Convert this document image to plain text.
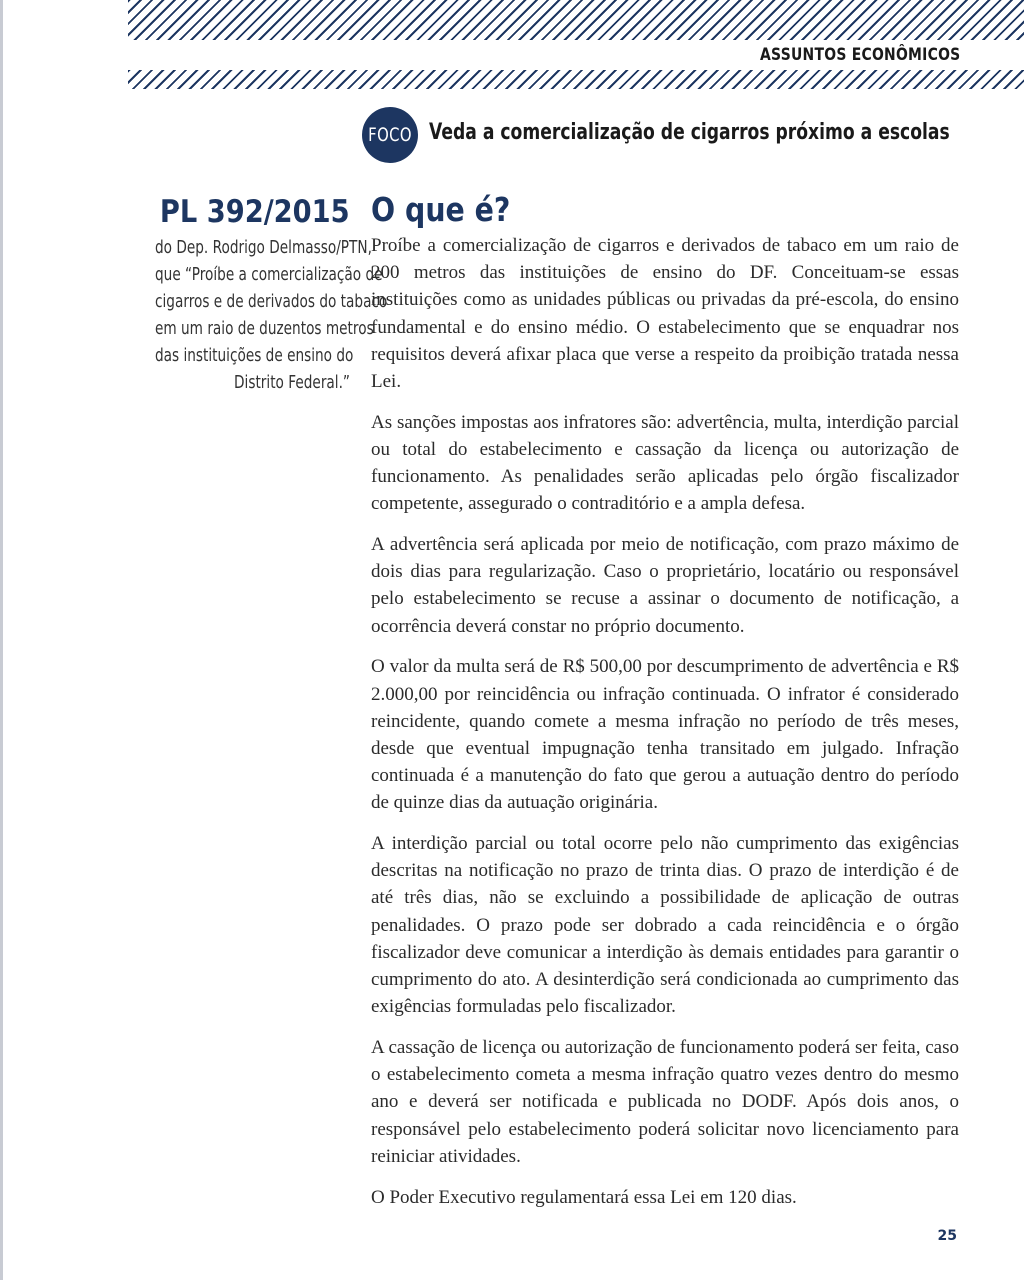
ASSUNTOS ECONÔMICOS
FOCO Veda a comercialização de cigarros próximo a escolas
PL 392/2015
do Dep. Rodrigo Delmasso/PTN,
que “Proíbe a comercialização de
cigarros e de derivados do tabaco
em um raio de duzentos metros
das instituições de ensino do
Distrito Federal.”
O que é?

Proíbe a comercialização de cigarros e derivados de tabaco em um raio de 200 metros das instituições de ensino do DF. Conceituam-se essas instituições como as unidades públicas ou privadas da pré-escola, do ensino fundamental e do ensino médio. O estabelecimento que se enquadrar nos requisitos deverá afixar placa que verse a respeito da proibição tratada nessa Lei.

As sanções impostas aos infratores são: advertência, multa, interdição parcial ou total do estabelecimento e cassação da licença ou autorização de funcionamento. As penalidades serão aplicadas pelo órgão fiscalizador competente, assegurado o contraditório e a ampla defesa.

A advertência será aplicada por meio de notificação, com prazo máximo de dois dias para regularização. Caso o proprietário, locatário ou responsável pelo estabelecimento se recuse a assinar o documento de notificação, a ocorrência deverá constar no próprio documento.

O valor da multa será de R$ 500,00 por descumprimento de advertência e R$ 2.000,00 por reincidência ou infração continuada. O infrator é considerado reincidente, quando comete a mesma infração no período de três meses, desde que eventual impugnação tenha transitado em julgado. Infração continuada é a manutenção do fato que gerou a autuação dentro do período de quinze dias da autuação originária.

A interdição parcial ou total ocorre pelo não cumprimento das exigências descritas na notificação no prazo de trinta dias. O prazo de interdição é de até três dias, não se excluindo a possibilidade de aplicação de outras penalidades. O prazo pode ser dobrado a cada reincidência e o órgão fiscalizador deve comunicar a interdição às demais entidades para garantir o cumprimento do ato. A desinterdição será condicionada ao cumprimento das exigências formuladas pelo fiscalizador.

A cassação de licença ou autorização de funcionamento poderá ser feita, caso o estabelecimento cometa a mesma infração quatro vezes dentro do mesmo ano e deverá ser notificada e publicada no DODF. Após dois anos, o responsável pelo estabelecimento poderá solicitar novo licenciamento para reiniciar atividades.

O Poder Executivo regulamentará essa Lei em 120 dias.

25
